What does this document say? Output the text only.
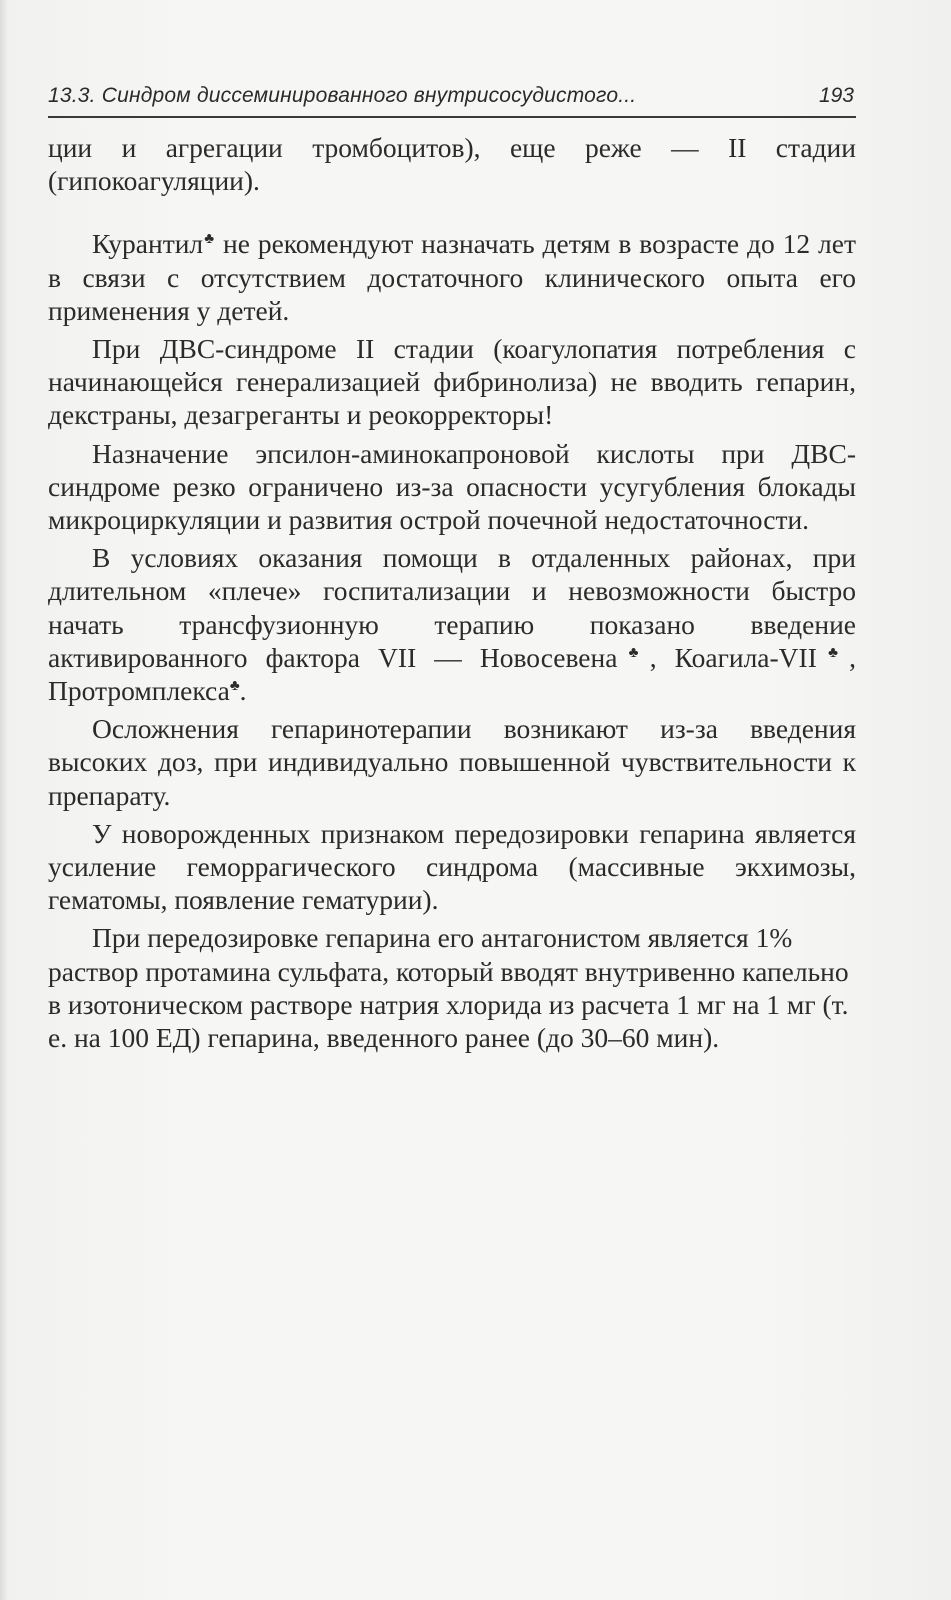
13.3. Синдром диссеминированного внутрисосудистого...	193

ции и агрегации тромбоцитов), еще реже — II стадии (гипокоагуляции).

Курантил♣ не рекомендуют назначать детям в возрасте до 12 лет в связи с отсутствием достаточного клинического опыта его применения у детей.

При ДВС-синдроме II стадии (коагулопатия потребления с начинающейся генерализацией фибринолиза) не вводить гепарин, декстраны, дезагреганты и реокорректоры!

Назначение эпсилон-аминокапроновой кислоты при ДВС-синдроме резко ограничено из-за опасности усугубления блокады микроциркуляции и развития острой почечной недостаточности.

В условиях оказания помощи в отдаленных районах, при длительном «плече» госпитализации и невозможности быстро начать трансфузионную терапию показано введение активированного фактора VII — Новосевена♣, Коагила-VII♣, Протромплекса♣.

Осложнения гепаринотерапии возникают из-за введения высоких доз, при индивидуально повышенной чувствительности к препарату.

У новорожденных признаком передозировки гепарина является усиление геморрагического синдрома (массивные экхимозы, гематомы, появление гематурии).

При передозировке гепарина его антагонистом является 1% раствор протамина сульфата, который вводят внутривенно капельно в изотоническом растворе натрия хлорида из расчета 1 мг на 1 мг (т. е. на 100 ЕД) гепарина, введенного ранее (до 30–60 мин).
